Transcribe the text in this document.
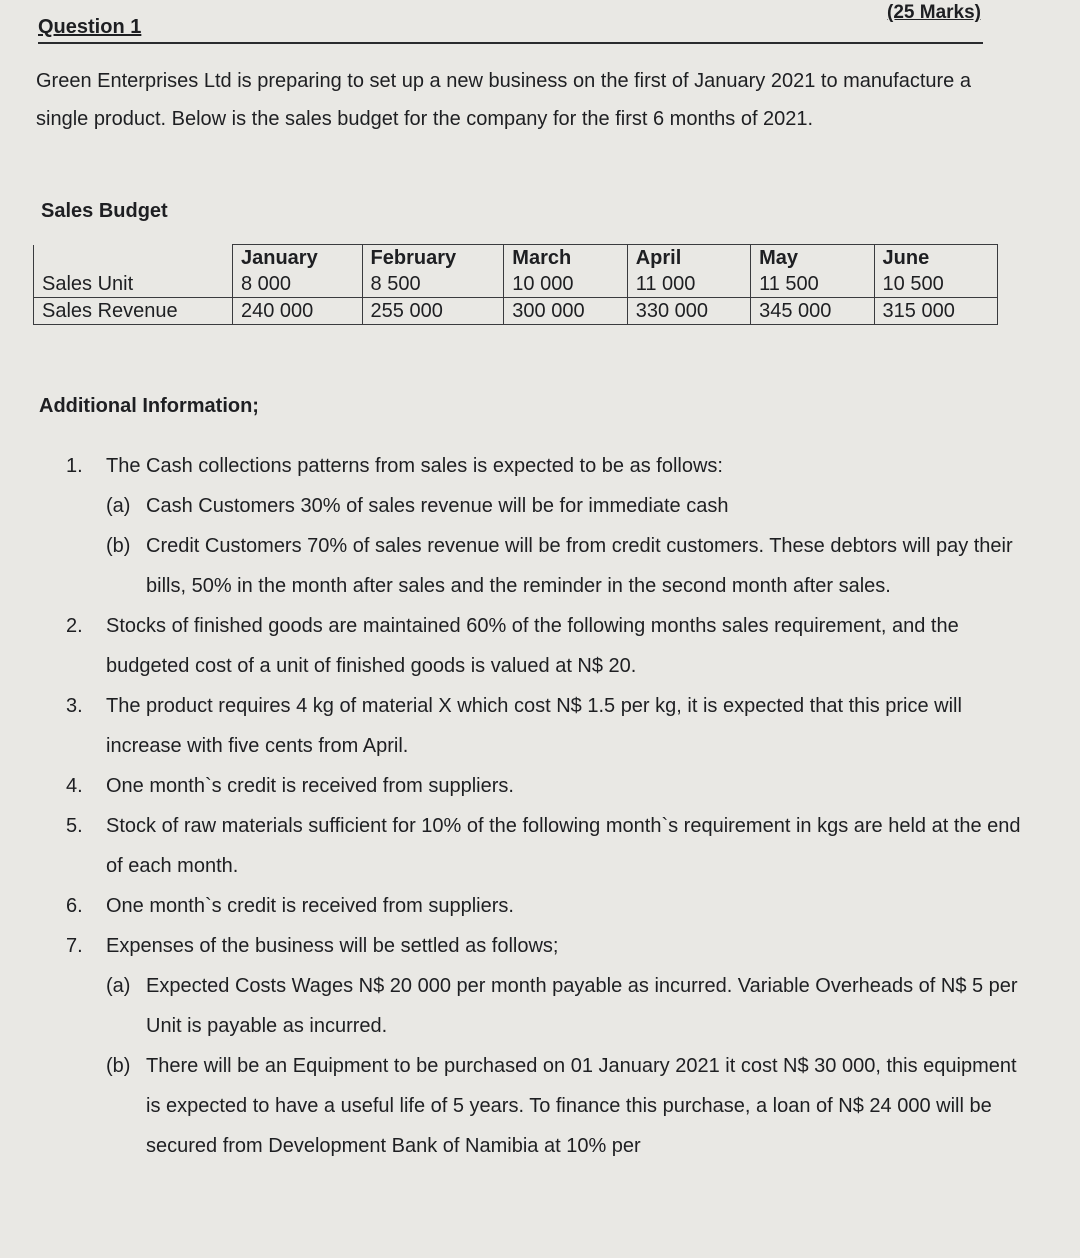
Question 1
(25 Marks)
Green Enterprises Ltd is preparing to set up a new business on the first of January 2021 to manufacture a single product. Below is the sales budget for the company for the first 6 months of 2021.
Sales Budget
	January	February	March	April	May	June
Sales Unit	8 000	8 500	10 000	11 000	11 500	10 500
Sales Revenue	240 000	255 000	300 000	330 000	345 000	315 000
Additional Information;
1. The Cash collections patterns from sales is expected to be as follows:
(a) Cash Customers 30% of sales revenue will be for immediate cash
(b) Credit Customers 70% of sales revenue will be from credit customers. These debtors will pay their bills, 50% in the month after sales and the reminder in the second month after sales.
2. Stocks of finished goods are maintained 60% of the following months sales requirement, and the budgeted cost of a unit of finished goods is valued at N$ 20.
3. The product requires 4 kg of material X which cost N$ 1.5 per kg, it is expected that this price will increase with five cents from April.
4. One month`s credit is received from suppliers.
5. Stock of raw materials sufficient for 10% of the following month`s requirement in kgs are held at the end of each month.
6. One month`s credit is received from suppliers.
7. Expenses of the business will be settled as follows;
(a) Expected Costs Wages N$ 20 000 per month payable as incurred. Variable Overheads of N$ 5 per Unit is payable as incurred.
(b) There will be an Equipment to be purchased on 01 January 2021 it cost N$ 30 000, this equipment is expected to have a useful life of 5 years. To finance this purchase, a loan of N$ 24 000 will be secured from Development Bank of Namibia at 10% per
